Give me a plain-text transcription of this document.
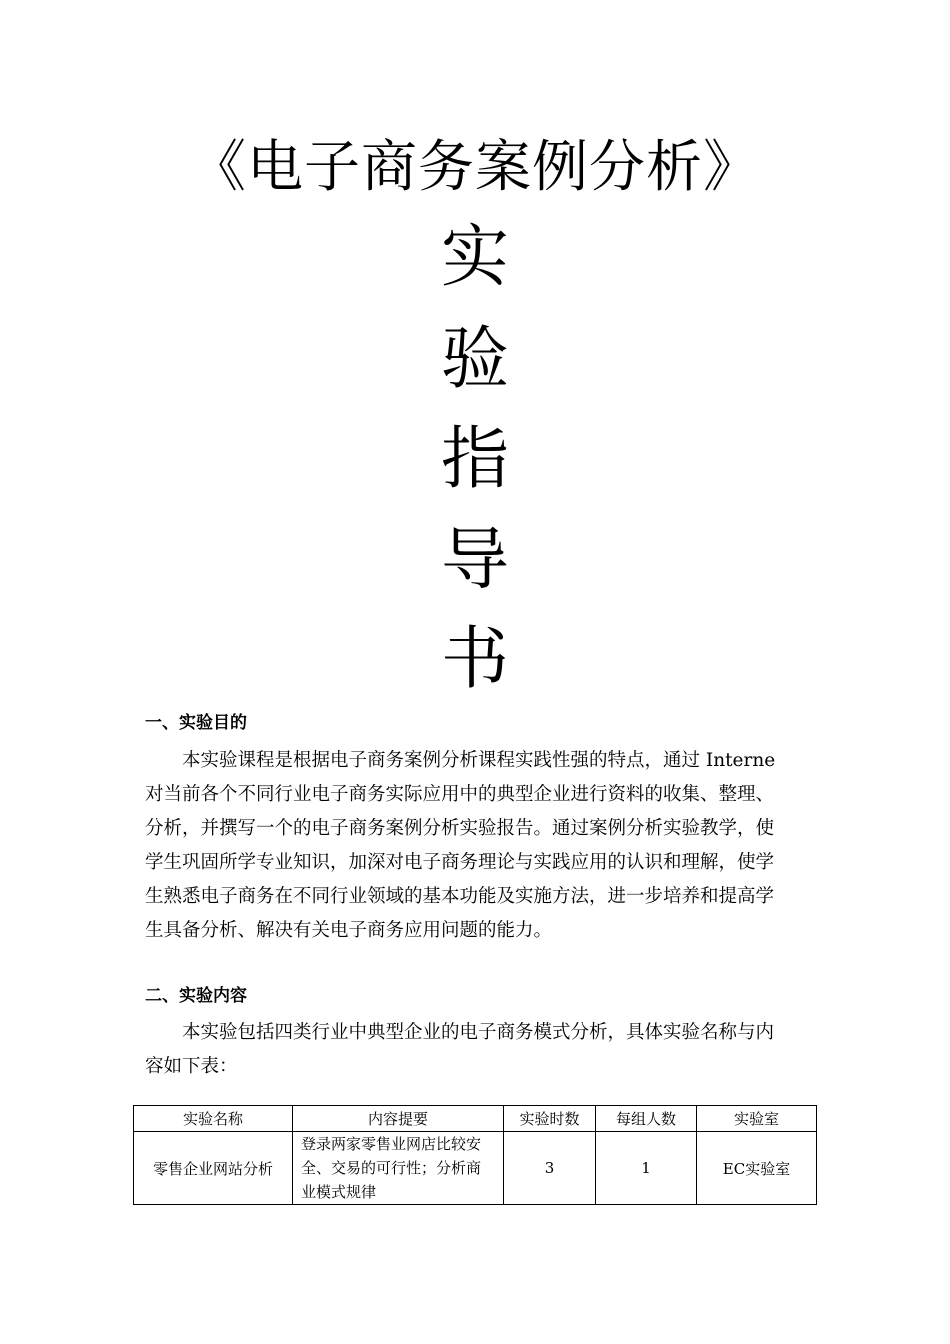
《电子商务案例分析》
实
验
指
导
书
一、实验目的
本实验课程是根据电子商务案例分析课程实践性强的特点，通过 Interne
对当前各个不同行业电子商务实际应用中的典型企业进行资料的收集、整理、
分析，并撰写一个的电子商务案例分析实验报告。通过案例分析实验教学，使
学生巩固所学专业知识，加深对电子商务理论与实践应用的认识和理解，使学
生熟悉电子商务在不同行业领域的基本功能及实施方法，进一步培养和提高学
生具备分析、解决有关电子商务应用问题的能力。
二、实验内容
本实验包括四类行业中典型企业的电子商务模式分析，具体实验名称与内
容如下表：
实验名称	内容提要	实验时数	每组人数	实验室
零售企业网站分析	登录两家零售业网店比较安
全、交易的可行性；分析商
业模式规律	3	1	EC实验室
